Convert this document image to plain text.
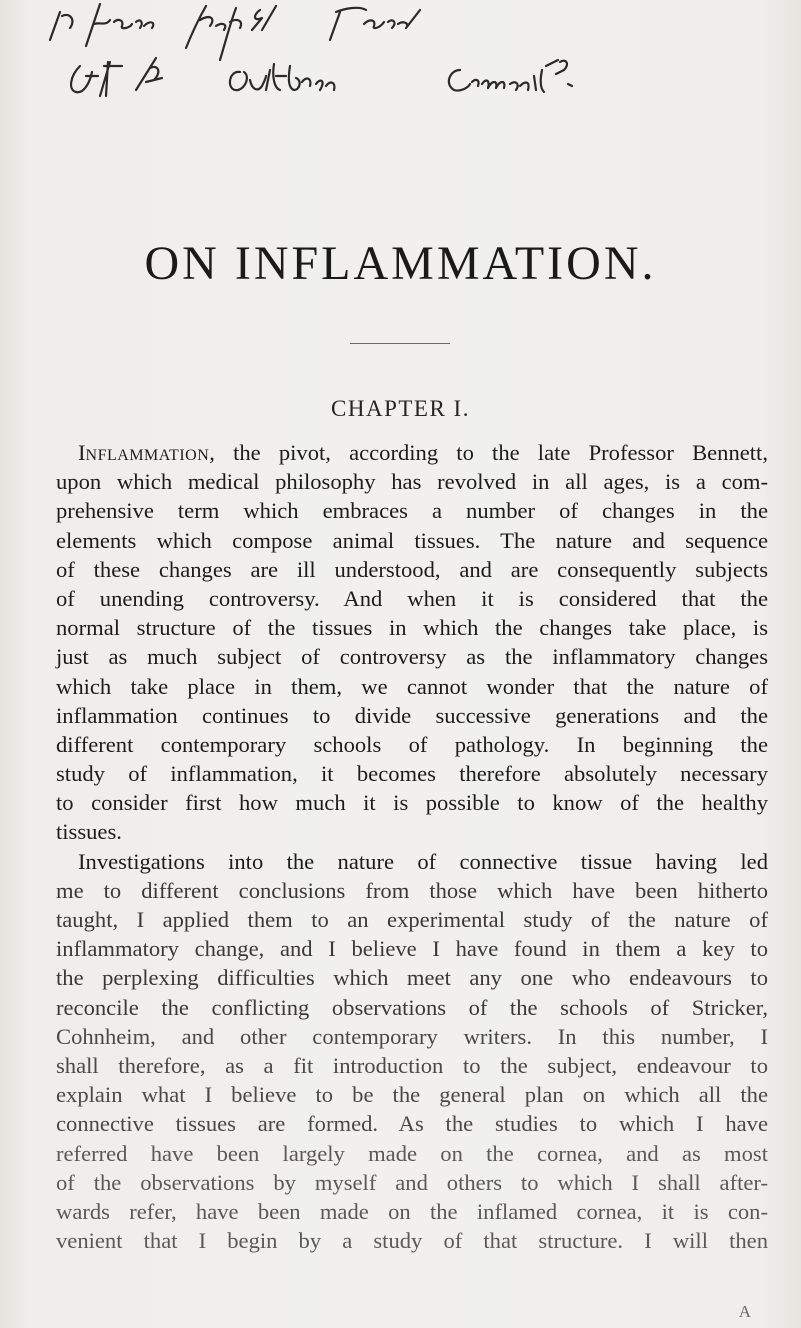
ON INFLAMMATION.
CHAPTER I.
INFLAMMATION, the pivot, according to the late Professor Bennett,
upon which medical philosophy has revolved in all ages, is a com-
prehensive term which embraces a number of changes in the
elements which compose animal tissues. The nature and sequence
of these changes are ill understood, and are consequently subjects
of unending controversy. And when it is considered that the
normal structure of the tissues in which the changes take place, is
just as much subject of controversy as the inflammatory changes
which take place in them, we cannot wonder that the nature of
inflammation continues to divide successive generations and the
different contemporary schools of pathology. In beginning the
study of inflammation, it becomes therefore absolutely necessary
to consider first how much it is possible to know of the healthy
tissues.
Investigations into the nature of connective tissue having led
me to different conclusions from those which have been hitherto
taught, I applied them to an experimental study of the nature of
inflammatory change, and I believe I have found in them a key to
the perplexing difficulties which meet any one who endeavours to
reconcile the conflicting observations of the schools of Stricker,
Cohnheim, and other contemporary writers. In this number, I
shall therefore, as a fit introduction to the subject, endeavour to
explain what I believe to be the general plan on which all the
connective tissues are formed. As the studies to which I have
referred have been largely made on the cornea, and as most
of the observations by myself and others to which I shall after-
wards refer, have been made on the inflamed cornea, it is con-
venient that I begin by a study of that structure. I will then
A
